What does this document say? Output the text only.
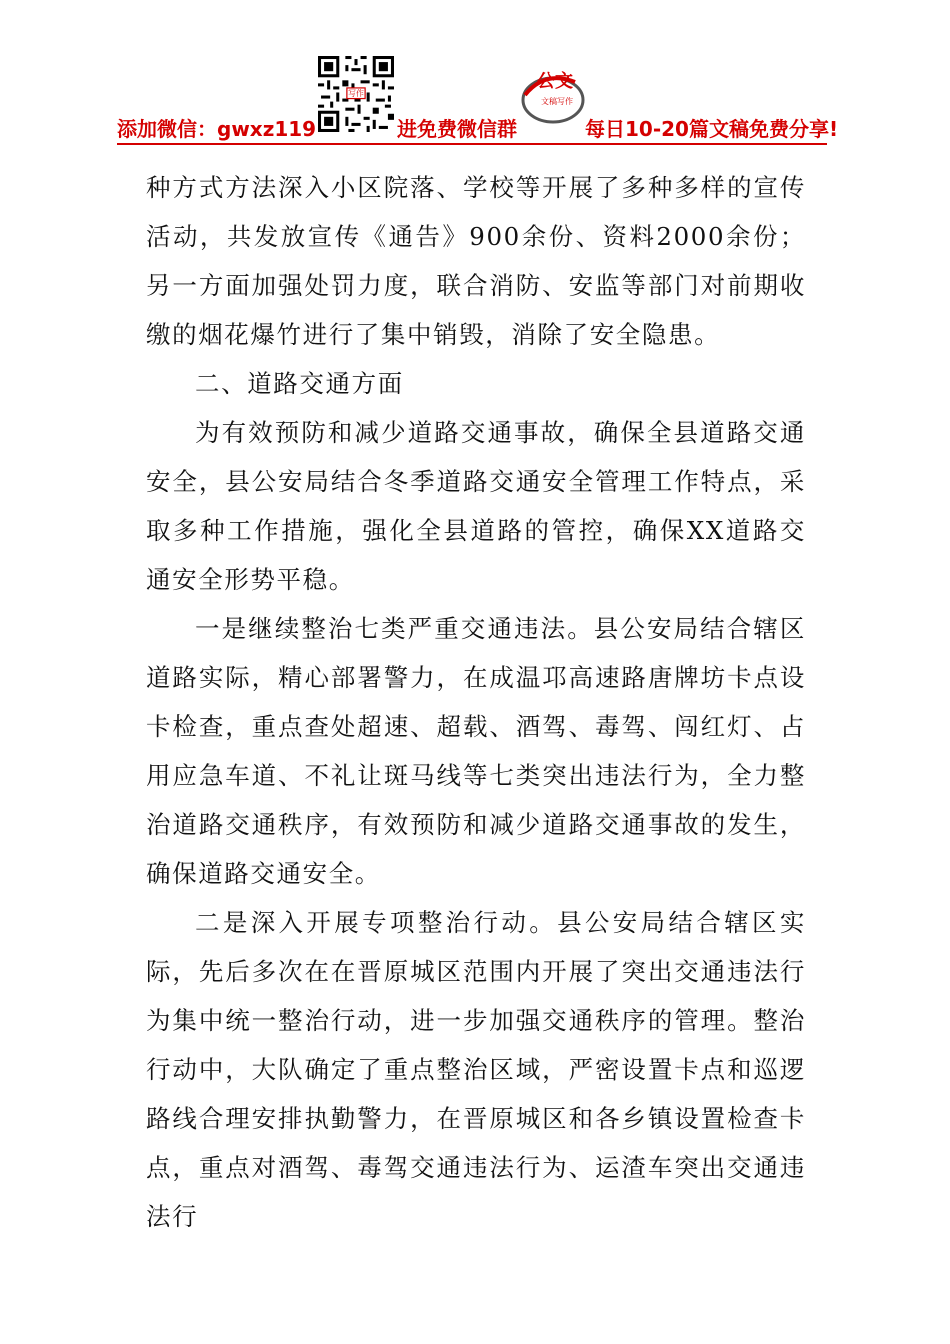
写作
公文
文稿写作
添加微信：gwxz119	进免费微信群	每日10-20篇文稿免费分享!

种方式方法深入小区院落、学校等开展了多种多样的宣传活动，共发放宣传《通告》900余份、资料2000余份；另一方面加强处罚力度，联合消防、安监等部门对前期收缴的烟花爆竹进行了集中销毁，消除了安全隐患。

二、道路交通方面

为有效预防和减少道路交通事故，确保全县道路交通安全，县公安局结合冬季道路交通安全管理工作特点，采取多种工作措施，强化全县道路的管控，确保XX道路交通安全形势平稳。

一是继续整治七类严重交通违法。县公安局结合辖区道路实际，精心部署警力，在成温邛高速路唐牌坊卡点设卡检查，重点查处超速、超载、酒驾、毒驾、闯红灯、占用应急车道、不礼让斑马线等七类突出违法行为，全力整治道路交通秩序，有效预防和减少道路交通事故的发生，确保道路交通安全。

二是深入开展专项整治行动。县公安局结合辖区实际，先后多次在在晋原城区范围内开展了突出交通违法行为集中统一整治行动，进一步加强交通秩序的管理。整治行动中，大队确定了重点整治区域，严密设置卡点和巡逻路线合理安排执勤警力，在晋原城区和各乡镇设置检查卡点，重点对酒驾、毒驾交通违法行为、运渣车突出交通违法行
